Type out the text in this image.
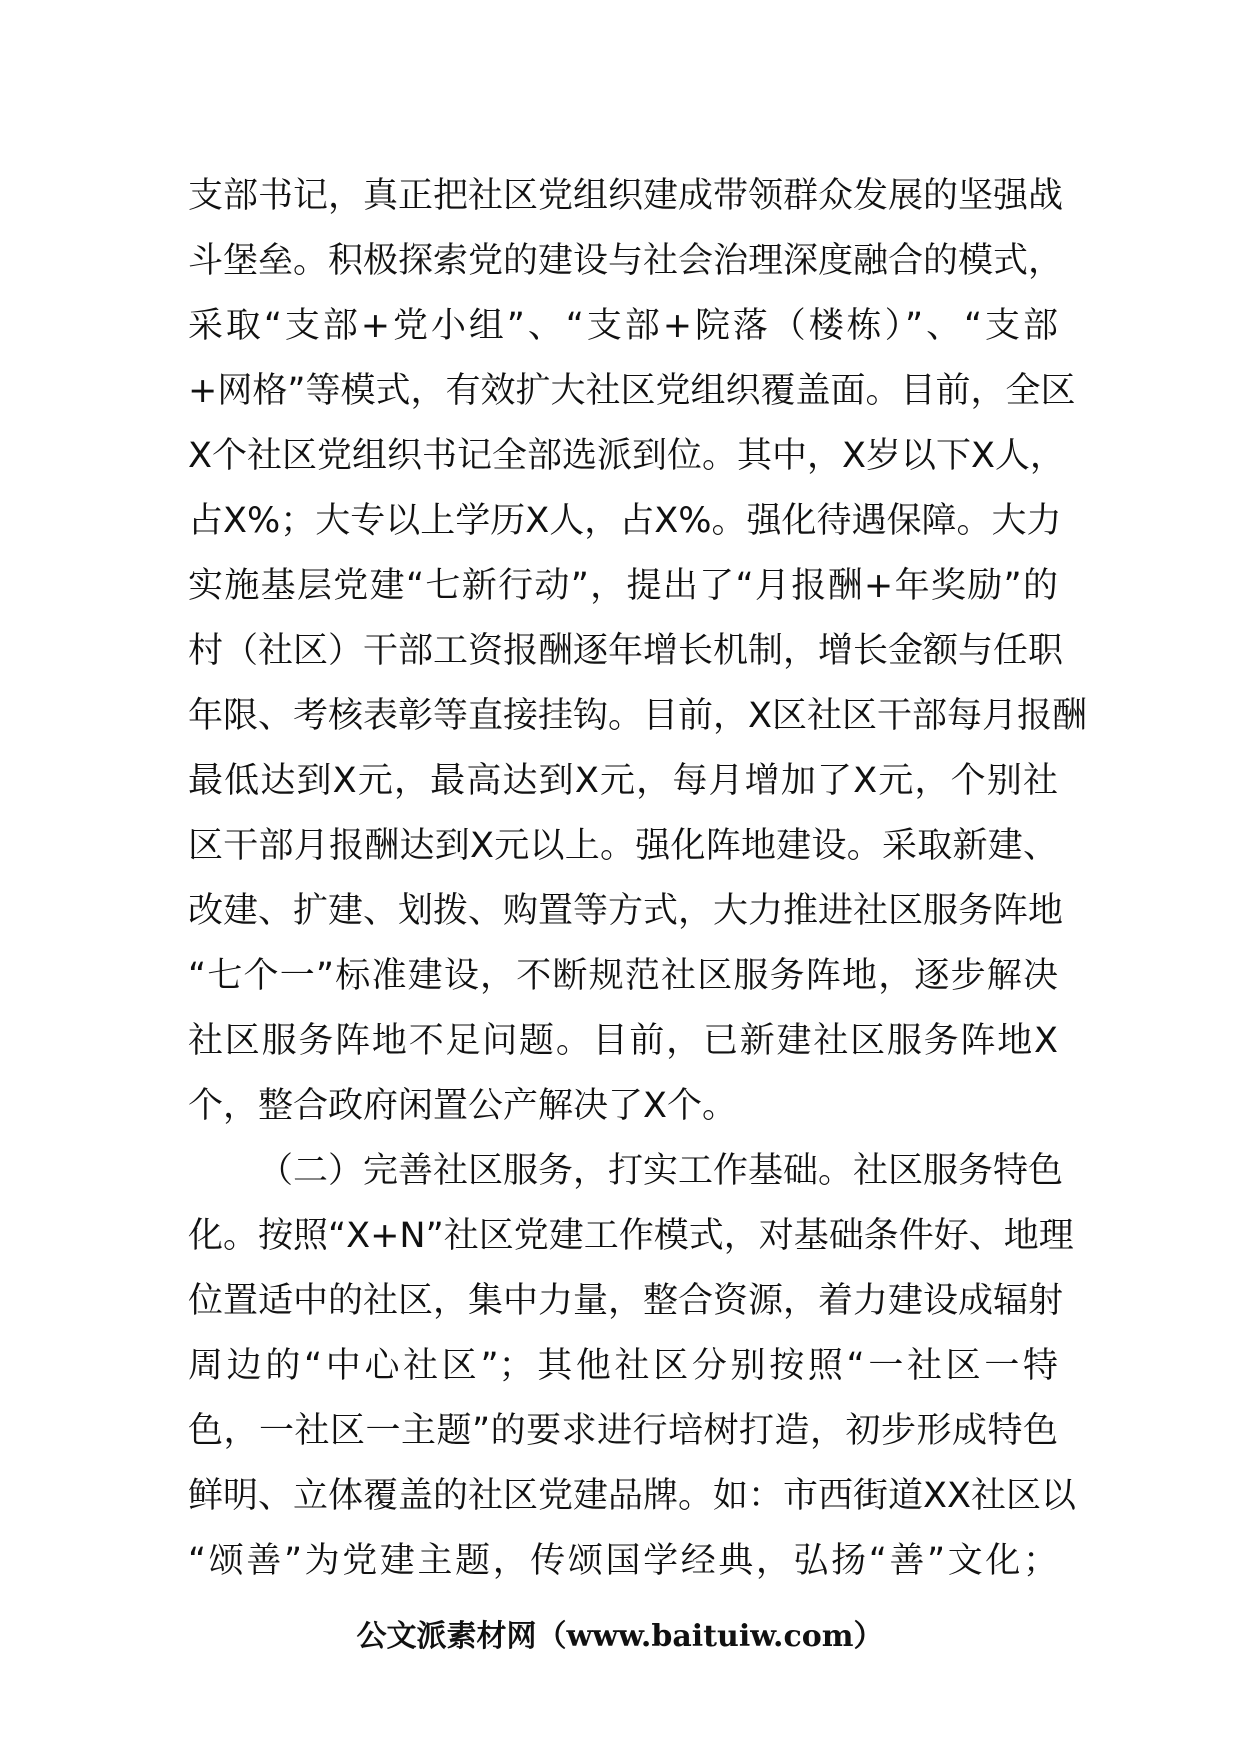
支部书记，真正把社区党组织建成带领群众发展的坚强战
斗堡垒。积极探索党的建设与社会治理深度融合的模式，
采取“支部+党小组”、“支部+院落（楼栋）”、“支部
+网格”等模式，有效扩大社区党组织覆盖面。目前，全区
X个社区党组织书记全部选派到位。其中，X岁以下X人，
占X%；大专以上学历X人，占X%。强化待遇保障。大力
实施基层党建“七新行动”，提出了“月报酬+年奖励”的
村（社区）干部工资报酬逐年增长机制，增长金额与任职
年限、考核表彰等直接挂钩。目前，X区社区干部每月报酬
最低达到X元，最高达到X元，每月增加了X元，个别社
区干部月报酬达到X元以上。强化阵地建设。采取新建、
改建、扩建、划拨、购置等方式，大力推进社区服务阵地
“七个一”标准建设，不断规范社区服务阵地，逐步解决
社区服务阵地不足问题。目前，已新建社区服务阵地X
个，整合政府闲置公产解决了X个。
（二）完善社区服务，打实工作基础。社区服务特色
化。按照“X+N”社区党建工作模式，对基础条件好、地理
位置适中的社区，集中力量，整合资源，着力建设成辐射
周边的“中心社区”；其他社区分别按照“一社区一特
色，一社区一主题”的要求进行培树打造，初步形成特色
鲜明、立体覆盖的社区党建品牌。如：市西街道XX社区以
“颂善”为党建主题，传颂国学经典，弘扬“善”文化；
公文派素材网（www.baituiw.com）
